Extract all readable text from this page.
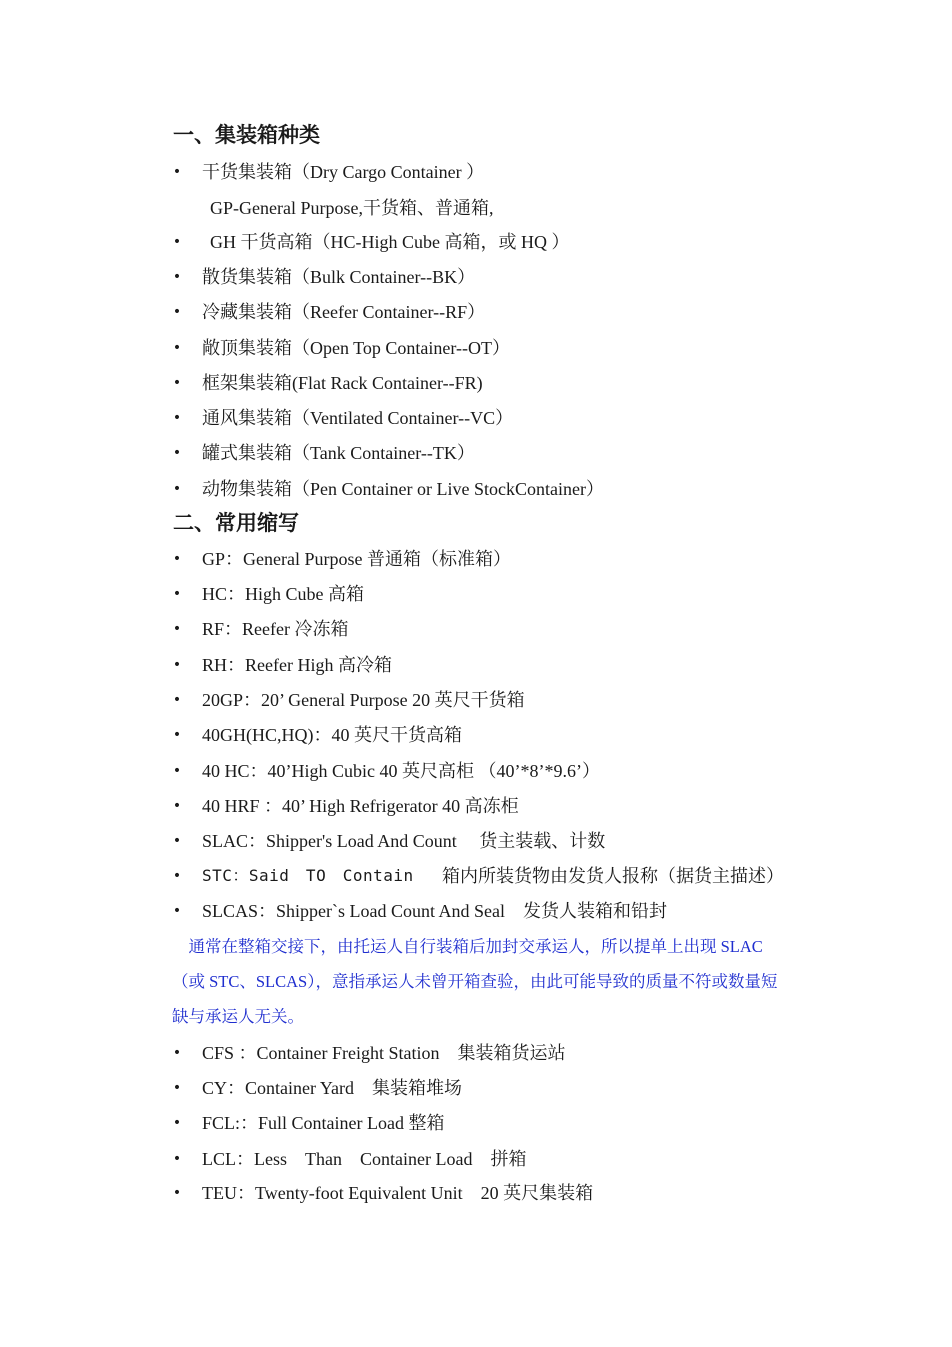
一、集装箱种类
• 干货集装箱（Dry Cargo Container ）
GP-General Purpose,干货箱、普通箱,
• GH 干货高箱（HC-High Cube 高箱，或 HQ ）
• 散货集装箱（Bulk Container--BK）
• 冷藏集装箱（Reefer Container--RF）
• 敞顶集装箱（Open Top Container--OT）
• 框架集装箱(Flat Rack Container--FR)
• 通风集装箱（Ventilated Container--VC）
• 罐式集装箱（Tank Container--TK）
• 动物集装箱（Pen Container or Live StockContainer）
二、常用缩写
• GP：General Purpose 普通箱（标准箱）
• HC：High Cube 高箱
• RF：Reefer 冷冻箱
• RH：Reefer High 高冷箱
• 20GP：20’ General Purpose 20 英尺干货箱
• 40GH(HC,HQ)：40 英尺干货高箱
• 40 HC：40’High Cubic 40 英尺高柜 （40’*8’*9.6’）
• 40 HRF ：40’ High Refrigerator 40 高冻柜
• SLAC：Shipper's Load And Count　 货主装载、计数
• STC：Said　TO　Contain 箱内所装货物由发货人报称（据货主描述）
• SLCAS：Shipper`s Load Count And Seal　发货人装箱和铅封
　通常在整箱交接下，由托运人自行装箱后加封交承运人，所以提单上出现 SLAC
（或 STC、SLCAS），意指承运人未曾开箱查验，由此可能导致的质量不符或数量短
缺与承运人无关。
• CFS ：Container Freight Station　集装箱货运站
• CY：Container Yard　集装箱堆场
• FCL:：Full Container Load 整箱
• LCL：Less　Than　Container Load　拼箱
• TEU：Twenty-foot Equivalent Unit　20 英尺集装箱
